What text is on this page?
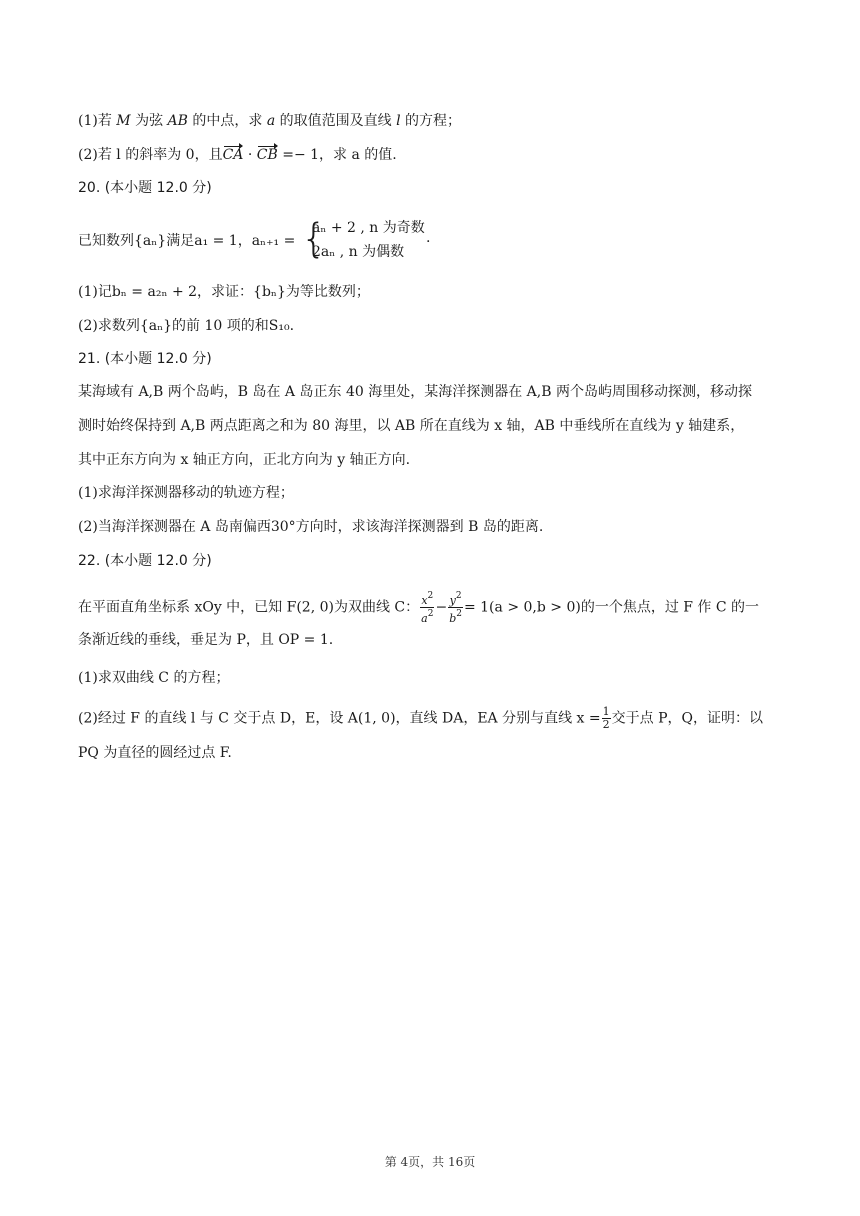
(1)若 M 为弦 AB 的中点，求 a 的取值范围及直线 l 的方程；
(2)若 l 的斜率为 0，且CA · CB =− 1，求 a 的值.
20. (本小题 12.0 分)
已知数列{aₙ}满足a₁ = 1，aₙ₊₁ = {
aₙ + 2 , n 为奇数
2aₙ , n 为偶数
.
(1)记bₙ = a₂ₙ + 2，求证：{bₙ}为等比数列；
(2)求数列{aₙ}的前 10 项的和S₁₀.
21. (本小题 12.0 分)
某海域有 A,B 两个岛屿，B 岛在 A 岛正东 40 海里处，某海洋探测器在 A,B 两个岛屿周围移动探测，移动探
测时始终保持到 A,B 两点距离之和为 80 海里，以 AB 所在直线为 x 轴，AB 中垂线所在直线为 y 轴建系，
其中正东方向为 x 轴正方向，正北方向为 y 轴正方向.
(1)求海洋探测器移动的轨迹方程；
(2)当海洋探测器在 A 岛南偏西30°方向时，求该海洋探测器到 B 岛的距离.
22. (本小题 12.0 分)
在平面直角坐标系 xOy 中，已知 F(2, 0)为双曲线 C： $\frac{x^2}{a^2} - \frac{y^2}{b^2} = 1(a > 0,b > 0)$的一个焦点，过 F 作 C 的一
条渐近线的垂线，垂足为 P，且 OP = 1.
(1)求双曲线 C 的方程；
(2)经过 F 的直线 l 与 C 交于点 D，E，设 A(1, 0)，直线 DA，EA 分别与直线 $x = \frac{1}{2}$ 交于点 P，Q，证明：以
PQ 为直径的圆经过点 F.
第 4页，共 16页
